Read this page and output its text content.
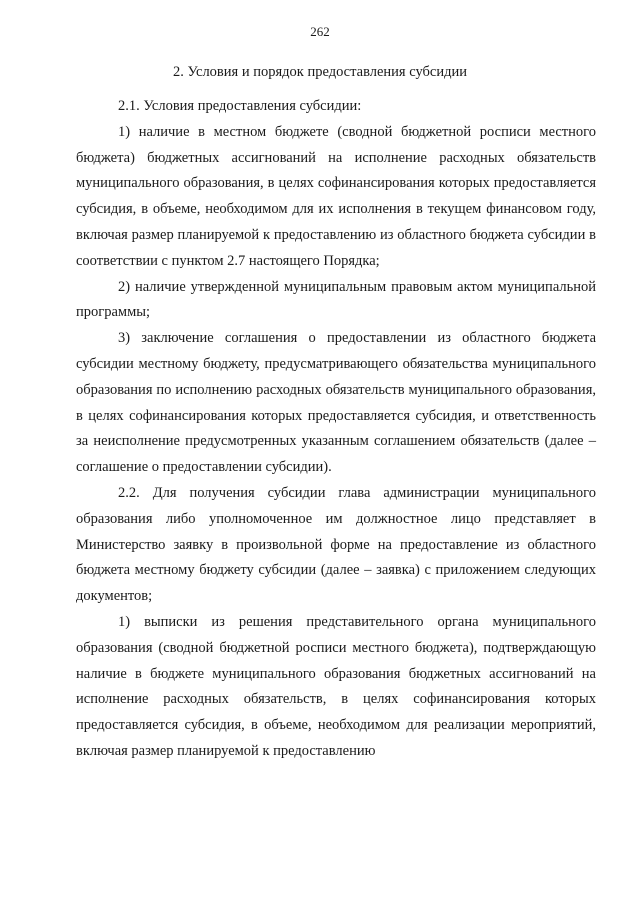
262
2. Условия и порядок предоставления субсидии

2.1. Условия предоставления субсидии:

1) наличие в местном бюджете (сводной бюджетной росписи местного бюджета) бюджетных ассигнований на исполнение расходных обязательств муниципального образования, в целях софинансирования которых предоставляется субсидия, в объеме, необходимом для их исполнения в текущем финансовом году, включая размер планируемой к предоставлению из областного бюджета субсидии в соответствии с пунктом 2.7 настоящего Порядка;

2) наличие утвержденной муниципальным правовым актом муниципальной программы;

3) заключение соглашения о предоставлении из областного бюджета субсидии местному бюджету, предусматривающего обязательства муниципального образования по исполнению расходных обязательств муниципального образования, в целях софинансирования которых предоставляется субсидия, и ответственность за неисполнение предусмотренных указанным соглашением обязательств (далее – соглашение о предоставлении субсидии).

2.2. Для получения субсидии глава администрации муниципального образования либо уполномоченное им должностное лицо представляет в Министерство заявку в произвольной форме на предоставление из областного бюджета местному бюджету субсидии (далее – заявка) с приложением следующих документов;

1) выписки из решения представительного органа муниципального образования (сводной бюджетной росписи местного бюджета), подтверждающую наличие в бюджете муниципального образования бюджетных ассигнований на исполнение расходных обязательств, в целях софинансирования которых предоставляется субсидия, в объеме, необходимом для реализации мероприятий, включая размер планируемой к предоставлению
